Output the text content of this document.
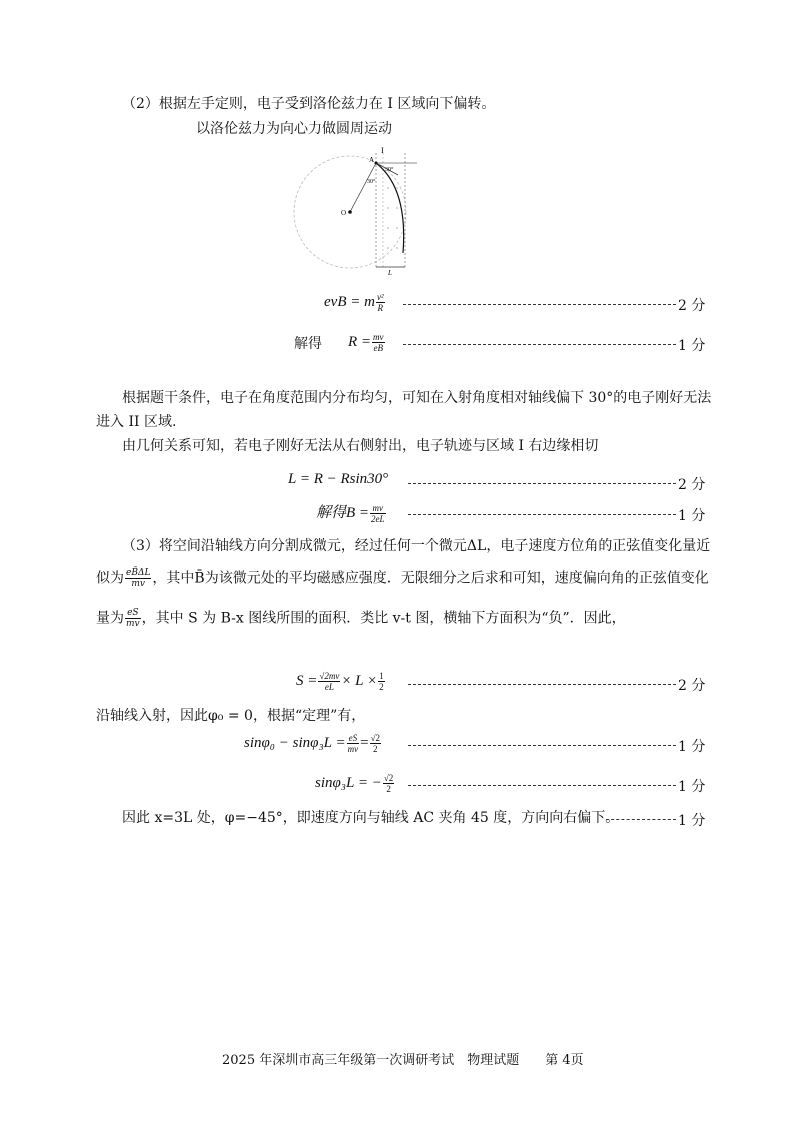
（2）根据左手定则，电子受到洛伦兹力在 I 区域向下偏转。
以洛伦兹力为向心力做圆周运动
I
A
O
30°
30°
L
evB = m $\frac{\text{v²}}{R}$	2 分
解得 $R = \frac{mv}{eB}$	1 分
根据题干条件，电子在角度范围内分布均匀，可知在入射角度相对轴线偏下 30°的电子刚好无法
进入 II 区域.
由几何关系可知，若电子刚好无法从右侧射出，电子轨迹与区域 I 右边缘相切
L = R − Rsin30°	2 分
解得$B = \frac{mv}{2eL}$	1 分
（3）将空间沿轴线方向分割成微元，经过任何一个微元ΔL，电子速度方位角的正弦值变化量近
似为 $\frac{eB̄\Delta L}{mv}$ ，其中B̄为该微元处的平均磁感应强度．无限细分之后求和可知，速度偏向角的正弦值变化
量为 $\frac{eS}{mv}$ ，其中 S 为 B-x 图线所围的面积．类比 v-t 图，横轴下方面积为“负”．因此，
$S = \frac{√2mv}{eL} \times L \times \frac{1}{2}$	2 分
沿轴线入射，因此φ₀ = 0，根据“定理”有，
$\sin\varphi_0 - \sin\varphi_3L = \frac{eS}{mv} = \frac{√2}{2}$	1 分
sinφ₃L = − $\frac{√2}{2}$	1 分
因此 x=3L 处，φ=−45°，即速度方向与轴线 AC 夹角 45 度，方向向右偏下。	1 分
2025 年深圳市高三年级第一次调研考试　物理试题　　第 4页
